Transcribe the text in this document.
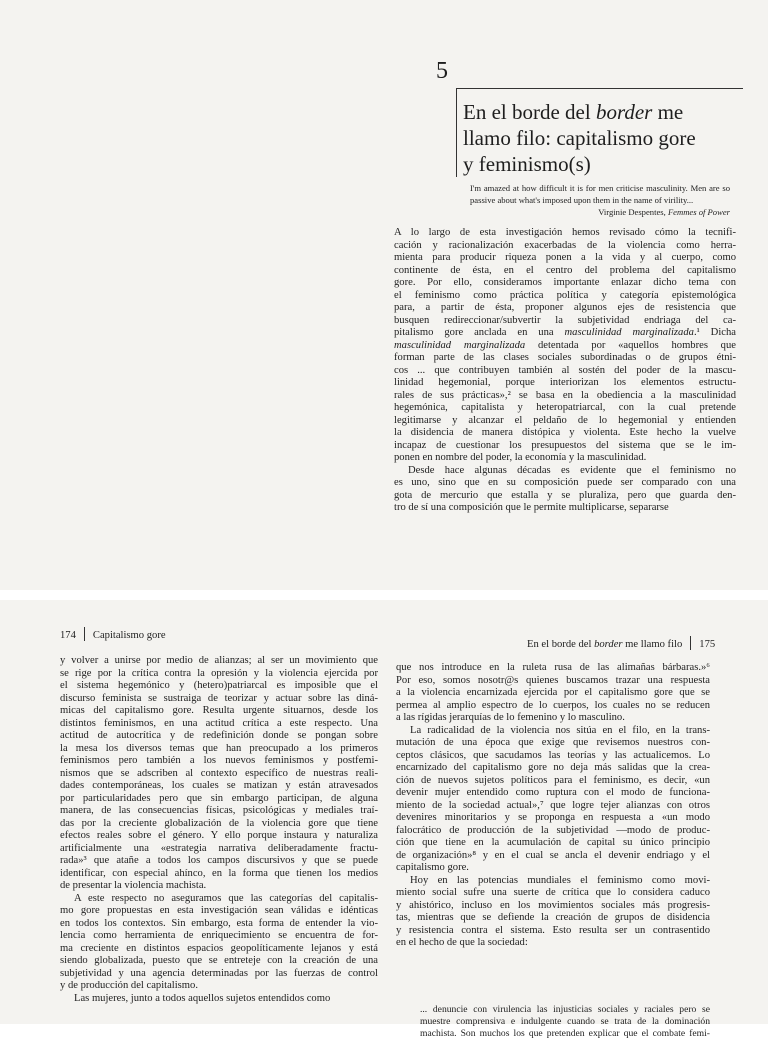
5
En el borde del border me
llamo filo: capitalismo gore
y feminismo(s)
I'm amazed at how difficult it is for men criticise masculinity. Men are so passive about what's imposed upon them in the name of virility...
Virginie Despentes, Femmes of Power
A lo largo de esta investigación hemos revisado cómo la tecnifi-
cación y racionalización exacerbadas de la violencia como herra-
mienta para producir riqueza ponen a la vida y al cuerpo, como
continente de ésta, en el centro del problema del capitalismo
gore. Por ello, consideramos importante enlazar dicho tema con
el feminismo como práctica política y categoría epistemológica
para, a partir de ésta, proponer algunos ejes de resistencia que
busquen redireccionar/subvertir la subjetividad endriaga del ca-
pitalismo gore anclada en una masculinidad marginalizada.¹ Dicha
masculinidad marginalizada detentada por «aquellos hombres que
forman parte de las clases sociales subordinadas o de grupos étni-
cos ... que contribuyen también al sostén del poder de la mascu-
linidad hegemonial, porque interiorizan los elementos estructu-
rales de sus prácticas»,² se basa en la obediencia a la masculinidad
hegemónica, capitalista y heteropatriarcal, con la cual pretende
legitimarse y alcanzar el peldaño de lo hegemonial y entienden
la disidencia de manera distópica y violenta. Este hecho la vuelve
incapaz de cuestionar los presupuestos del sistema que se le im-
ponen en nombre del poder, la economía y la masculinidad.
Desde hace algunas décadas es evidente que el feminismo no
es uno, sino que en su composición puede ser comparado con una
gota de mercurio que estalla y se pluraliza, pero que guarda den-
tro de sí una composición que le permite multiplicarse, separarse
174 Capitalismo gore
En el borde del border me llamo filo 175
y volver a unirse por medio de alianzas; al ser un movimiento que
se rige por la crítica contra la opresión y la violencia ejercida por
el sistema hegemónico y (hetero)patriarcal es imposible que el
discurso feminista se sustraiga de teorizar y actuar sobre las diná-
micas del capitalismo gore. Resulta urgente situarnos, desde los
distintos feminismos, en una actitud crítica a este respecto. Una
actitud de autocrítica y de redefinición donde se pongan sobre
la mesa los diversos temas que han preocupado a los primeros
feminismos pero también a los nuevos feminismos y postfemi-
nismos que se adscriben al contexto específico de nuestras reali-
dades contemporáneas, los cuales se matizan y están atravesados
por particularidades pero que sin embargo participan, de alguna
manera, de las consecuencias físicas, psicológicas y mediales traí-
das por la creciente globalización de la violencia gore que tiene
efectos reales sobre el género. Y ello porque instaura y naturaliza
artificialmente una «estrategia narrativa deliberadamente fractu-
rada»³ que atañe a todos los campos discursivos y que se puede
identificar, con especial ahínco, en la forma que tienen los medios
de presentar la violencia machista.
A este respecto no aseguramos que las categorías del capitalis-
mo gore propuestas en esta investigación sean válidas e idénticas
en todos los contextos. Sin embargo, esta forma de entender la vio-
lencia como herramienta de enriquecimiento se encuentra de for-
ma creciente en distintos espacios geopolíticamente lejanos y está
siendo globalizada, puesto que se entreteje con la creación de una
subjetividad y una agencia determinadas por las fuerzas de control
y de producción del capitalismo.
Las mujeres, junto a todos aquellos sujetos entendidos como
que nos introduce en la ruleta rusa de las alimañas bárbaras.»⁶
Por eso, somos nosotr@s quienes buscamos trazar una respuesta
a la violencia encarnizada ejercida por el capitalismo gore que se
permea al amplio espectro de lo cuerpos, los cuales no se reducen
a las rígidas jerarquías de lo femenino y lo masculino.
La radicalidad de la violencia nos sitúa en el filo, en la trans-
mutación de una época que exige que revisemos nuestros con-
ceptos clásicos, que sacudamos las teorías y las actualicemos. Lo
encarnizado del capitalismo gore no deja más salidas que la crea-
ción de nuevos sujetos políticos para el feminismo, es decir, «un
devenir mujer entendido como ruptura con el modo de funciona-
miento de la sociedad actual»,⁷ que logre tejer alianzas con otros
devenires minoritarios y se proponga en respuesta a «un modo
falocrático de producción de la subjetividad —modo de produc-
ción que tiene en la acumulación de capital su único principio
de organización»⁸ y en el cual se ancla el devenir endriago y el
capitalismo gore.
Hoy en las potencias mundiales el feminismo como movi-
miento social sufre una suerte de crítica que lo considera caduco
y ahistórico, incluso en los movimientos sociales más progresis-
tas, mientras que se defiende la creación de grupos de disidencia
y resistencia contra el sistema. Esto resulta ser un contrasentido
en el hecho de que la sociedad:
... denuncie con virulencia las injusticias sociales y raciales pero se
muestre comprensiva e indulgente cuando se trata de la dominación
machista. Son muchos los que pretenden explicar que el combate femi-
